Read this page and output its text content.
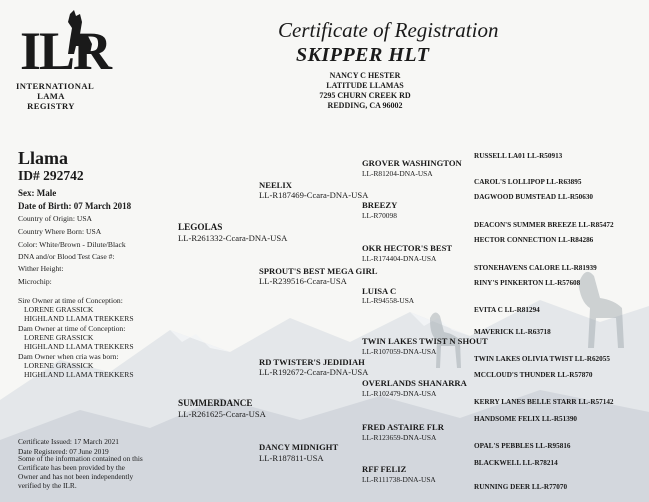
ILR
INTERNATIONAL
LAMA
REGISTRY
Certificate of Registration
SKIPPER HLT
NANCY C HESTER
LATITUDE LLAMAS
7295 CHURN CREEK RD
REDDING, CA 96002
Llama
ID# 292742
Sex: Male
Date of Birth: 07 March 2018
Country of Origin: USA
Country Where Born: USA
Color: White/Brown - Dilute/Black
DNA and/or Blood Test Case #:
Wither Height:
Microchip:
Sire Owner at time of Conception:
LORENE GRASSICK
HIGHLAND LLAMA TREKKERS
Dam Owner at time of Conception:
LORENE GRASSICK
HIGHLAND LLAMA TREKKERS
Dam Owner when cria was born:
LORENE GRASSICK
HIGHLAND LLAMA TREKKERS
Certificate Issued: 17 March 2021
Date Registered: 07 June 2019
Some of the information contained on this
Certificate has been provided by the
Owner and has not been independently
verified by the ILR.
LEGOLAS
LL-R261332-Ccara-DNA-USA
SUMMERDANCE
LL-R261625-Ccara-USA
NEELIX
LL-R187469-Ccara-DNA-USA
SPROUT'S BEST MEGA GIRL
LL-R239516-Ccara-USA
RD TWISTER'S JEDIDIAH
LL-R192672-Ccara-DNA-USA
DANCY MIDNIGHT
LL-R187811-USA
GROVER WASHINGTON
LL-R81204-DNA-USA
BREEZY
LL-R70098
OKR HECTOR'S BEST
LL-R174404-DNA-USA
LUISA C
LL-R94558-USA
TWIN LAKES TWIST N SHOUT
LL-R107059-DNA-USA
OVERLANDS SHANARRA
LL-R102479-DNA-USA
FRED ASTAIRE FLR
LL-R123659-DNA-USA
RFF FELIZ
LL-R111738-DNA-USA
RUSSELL LA01 LL-R50913
CAROL'S LOLLIPOP LL-R63895
DAGWOOD BUMSTEAD LL-R50630
DEACON'S SUMMER BREEZE LL-R85472
HECTOR CONNECTION LL-R84286
STONEHAVENS CALORE LL-R81939
RINY'S PINKERTON LL-R57608
EVITA C LL-R81294
MAVERICK LL-R63718
TWIN LAKES OLIVIA TWIST LL-R62055
MCCLOUD'S THUNDER LL-R57870
KERRY LANES BELLE STARR LL-R57142
HANDSOME FELIX LL-R51390
OPAL'S PEBBLES LL-R95816
BLACKWELL LL-R78214
RUNNING DEER LL-R77070
